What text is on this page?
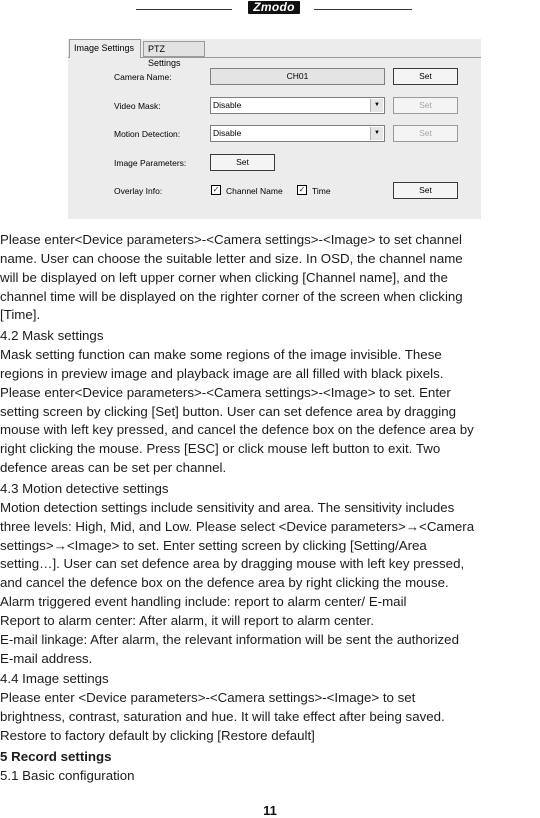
Zmodo
Image Settings	PTZ Settings
Camera Name:	CH01	Set
Video Mask:	Disable	▼	Set
Motion Detection:	Disable	▼	Set
Image Parameters:	Set
Overlay Info:	✓ Channel Name ✓ Time	Set

Please enter<Device parameters>-<Camera settings>-<Image> to set channel

name. User can choose the suitable letter and size. In OSD, the channel name

will be displayed on left upper corner when clicking [Channel name], and the

channel time will be displayed on the righter corner of the screen when clicking

[Time].

4.2 Mask settings

Mask setting function can make some regions of the image invisible. These

regions in preview image and playback image are all filled with black pixels.

Please enter<Device parameters>-<Camera settings>-<Image> to set. Enter

setting screen by clicking [Set] button. User can set defence area by dragging

mouse with left key pressed, and cancel the defence box on the defence area by

right clicking the mouse. Press [ESC] or click mouse left button to exit. Two

defence areas can be set per channel.

4.3 Motion detective settings

Motion detection settings include sensitivity and area. The sensitivity includes

three levels: High, Mid, and Low. Please select <Device parameters>→<Camera

settings>→<Image> to set. Enter setting screen by clicking [Setting/Area

setting…]. User can set defence area by dragging mouse with left key pressed,

and cancel the defence box on the defence area by right clicking the mouse.

Alarm triggered event handling include: report to alarm center/ E-mail

Report to alarm center: After alarm, it will report to alarm center.

E-mail linkage: After alarm, the relevant information will be sent the authorized

E-mail address.

4.4 Image settings

Please enter <Device parameters>-<Camera settings>-<Image> to set

brightness, contrast, saturation and hue. It will take effect after being saved.

Restore to factory default by clicking [Restore default]

5 Record settings

5.1 Basic configuration

11
